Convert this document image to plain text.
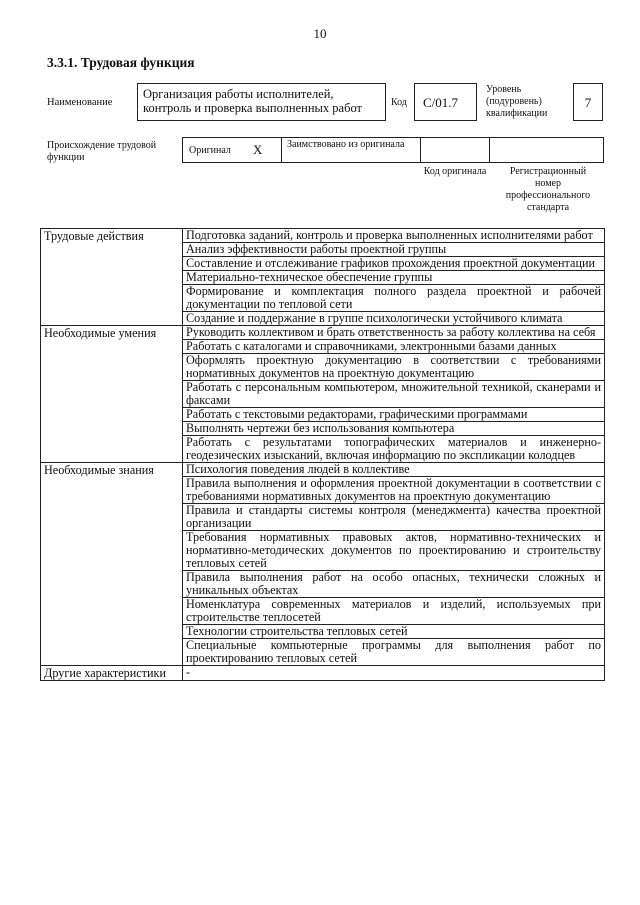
10
3.3.1. Трудовая функция
Наименование
Организация работы исполнителей, контроль и проверка выполненных работ	Код	С/01.7
Уровень (подуровень) квалификации
7
Происхождение трудовой функции
Оригинал Х Заимствовано из оригинала
Код оригинала	Регистрационный номер профессионального стандарта
Трудовые действия	Подготовка заданий, контроль и проверка выполненных исполнителями работ
	Анализ эффективности работы проектной группы
	Составление и отслеживание графиков прохождения проектной документации
	Материально-техническое обеспечение группы
	Формирование и комплектация полного раздела проектной и рабочей документации по тепловой сети
	Создание и поддержание в группе психологически устойчивого климата
Необходимые умения	Руководить коллективом и брать ответственность за работу коллектива на себя
	Работать с каталогами и справочниками, электронными базами данных
	Оформлять проектную документацию в соответствии с требованиями нормативных документов на проектную документацию
	Работать с персональным компьютером, множительной техникой, сканерами и факсами
	Работать с текстовыми редакторами, графическими программами
	Выполнять чертежи без использования компьютера
	Работать с результатами топографических материалов и инженерно-геодезических изысканий, включая информацию по экспликации колодцев
Необходимые знания	Психология поведения людей в коллективе
	Правила выполнения и оформления проектной документации в соответствии с требованиями нормативных документов на проектную документацию
	Правила и стандарты системы контроля (менеджмента) качества проектной организации
	Требования нормативных правовых актов, нормативно-технических и нормативно-методических документов по проектированию и строительству тепловых сетей
	Правила выполнения работ на особо опасных, технически сложных и уникальных объектах
	Номенклатура современных материалов и изделий, используемых при строительстве теплосетей
	Технологии строительства тепловых сетей
	Специальные компьютерные программы для выполнения работ по проектированию тепловых сетей
Другие характеристики	-
